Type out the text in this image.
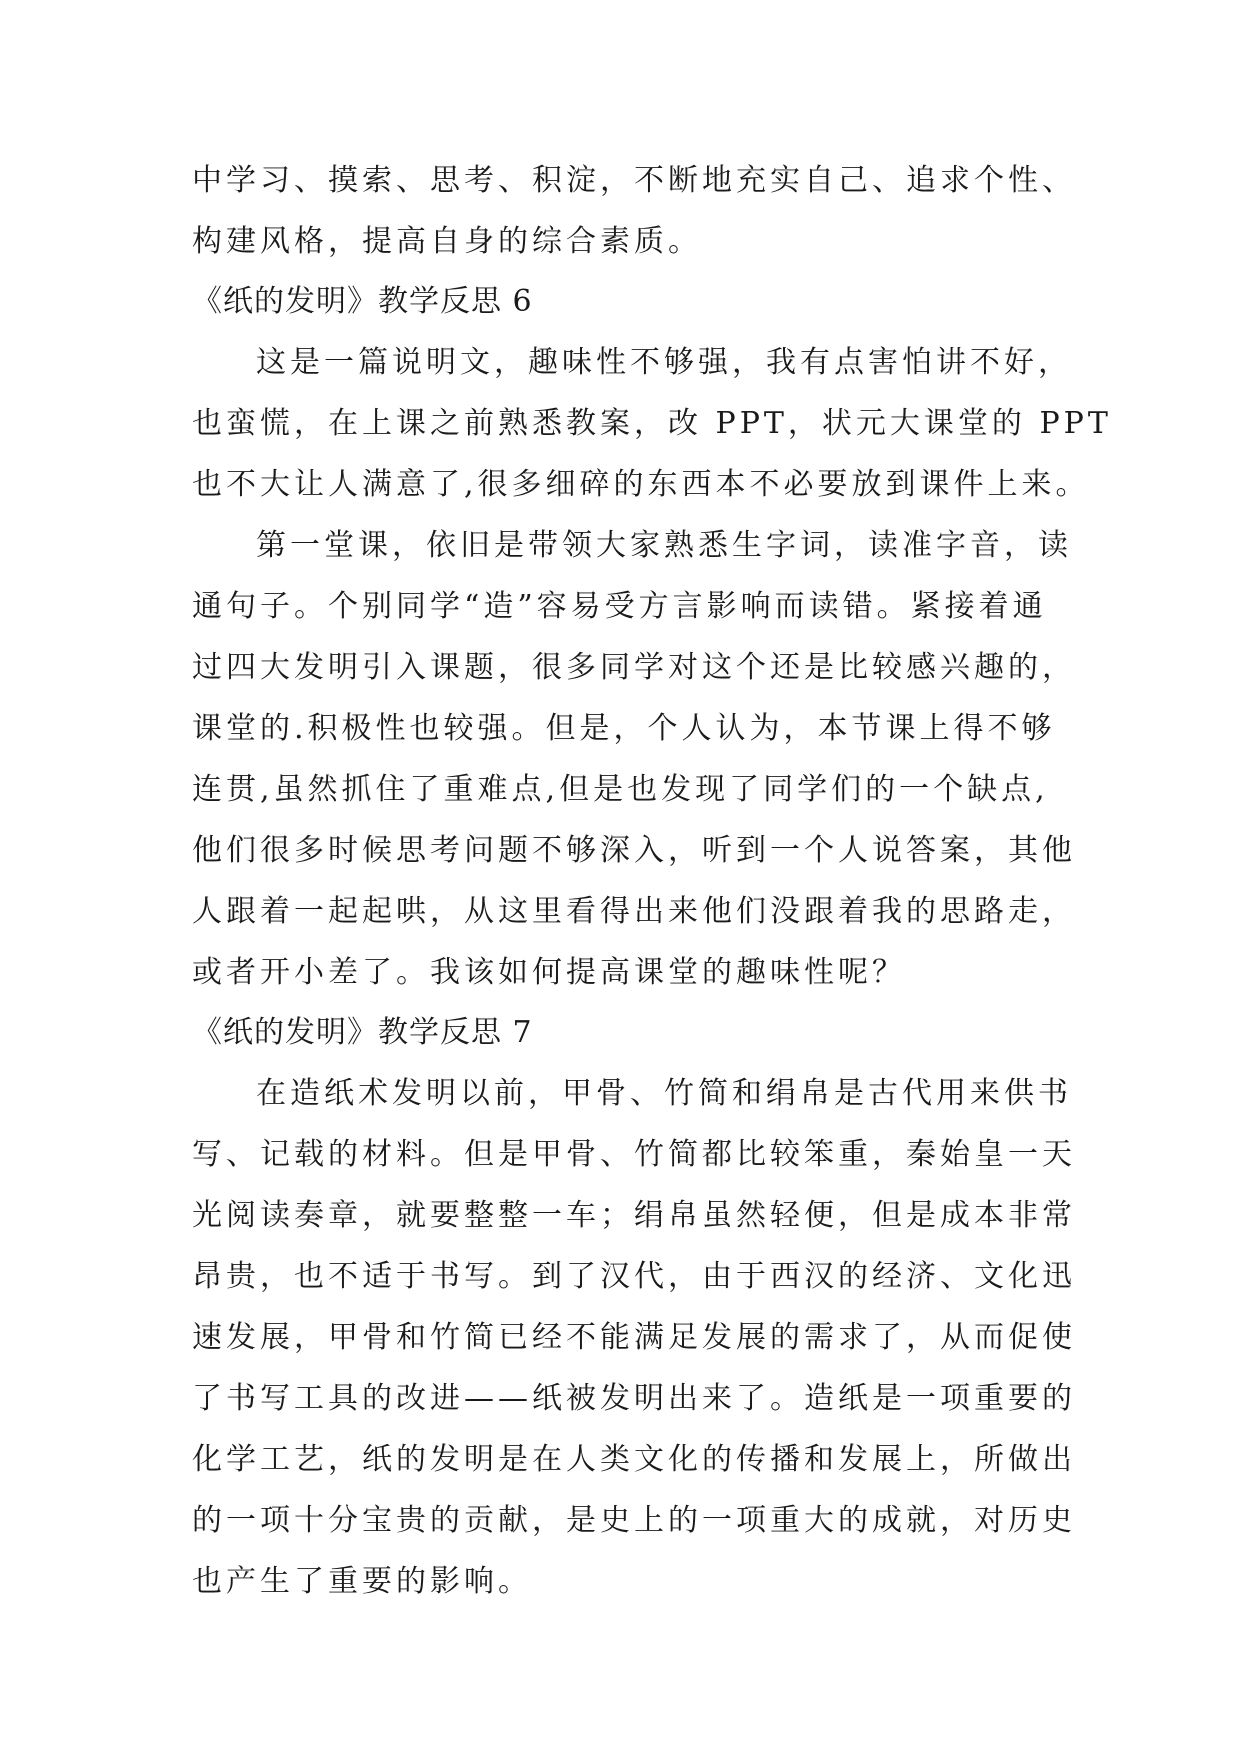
中学习、摸索、思考、积淀，不断地充实自己、追求个性、
构建风格，提高自身的综合素质。
《纸的发明》教学反思 6
这是一篇说明文，趣味性不够强，我有点害怕讲不好，
也蛮慌，在上课之前熟悉教案，改 PPT，状元大课堂的 PPT
也不大让人满意了,很多细碎的东西本不必要放到课件上来。
第一堂课，依旧是带领大家熟悉生字词，读准字音，读
通句子。个别同学“造”容易受方言影响而读错。紧接着通
过四大发明引入课题，很多同学对这个还是比较感兴趣的，
课堂的.积极性也较强。但是，个人认为，本节课上得不够
连贯,虽然抓住了重难点,但是也发现了同学们的一个缺点,
他们很多时候思考问题不够深入，听到一个人说答案，其他
人跟着一起起哄，从这里看得出来他们没跟着我的思路走，
或者开小差了。我该如何提高课堂的趣味性呢？
《纸的发明》教学反思 7
在造纸术发明以前，甲骨、竹简和绢帛是古代用来供书
写、记载的材料。但是甲骨、竹简都比较笨重，秦始皇一天
光阅读奏章，就要整整一车；绢帛虽然轻便，但是成本非常
昂贵，也不适于书写。到了汉代，由于西汉的经济、文化迅
速发展，甲骨和竹简已经不能满足发展的需求了，从而促使
了书写工具的改进——纸被发明出来了。造纸是一项重要的
化学工艺，纸的发明是在人类文化的传播和发展上，所做出
的一项十分宝贵的贡献，是史上的一项重大的成就，对历史
也产生了重要的影响。
